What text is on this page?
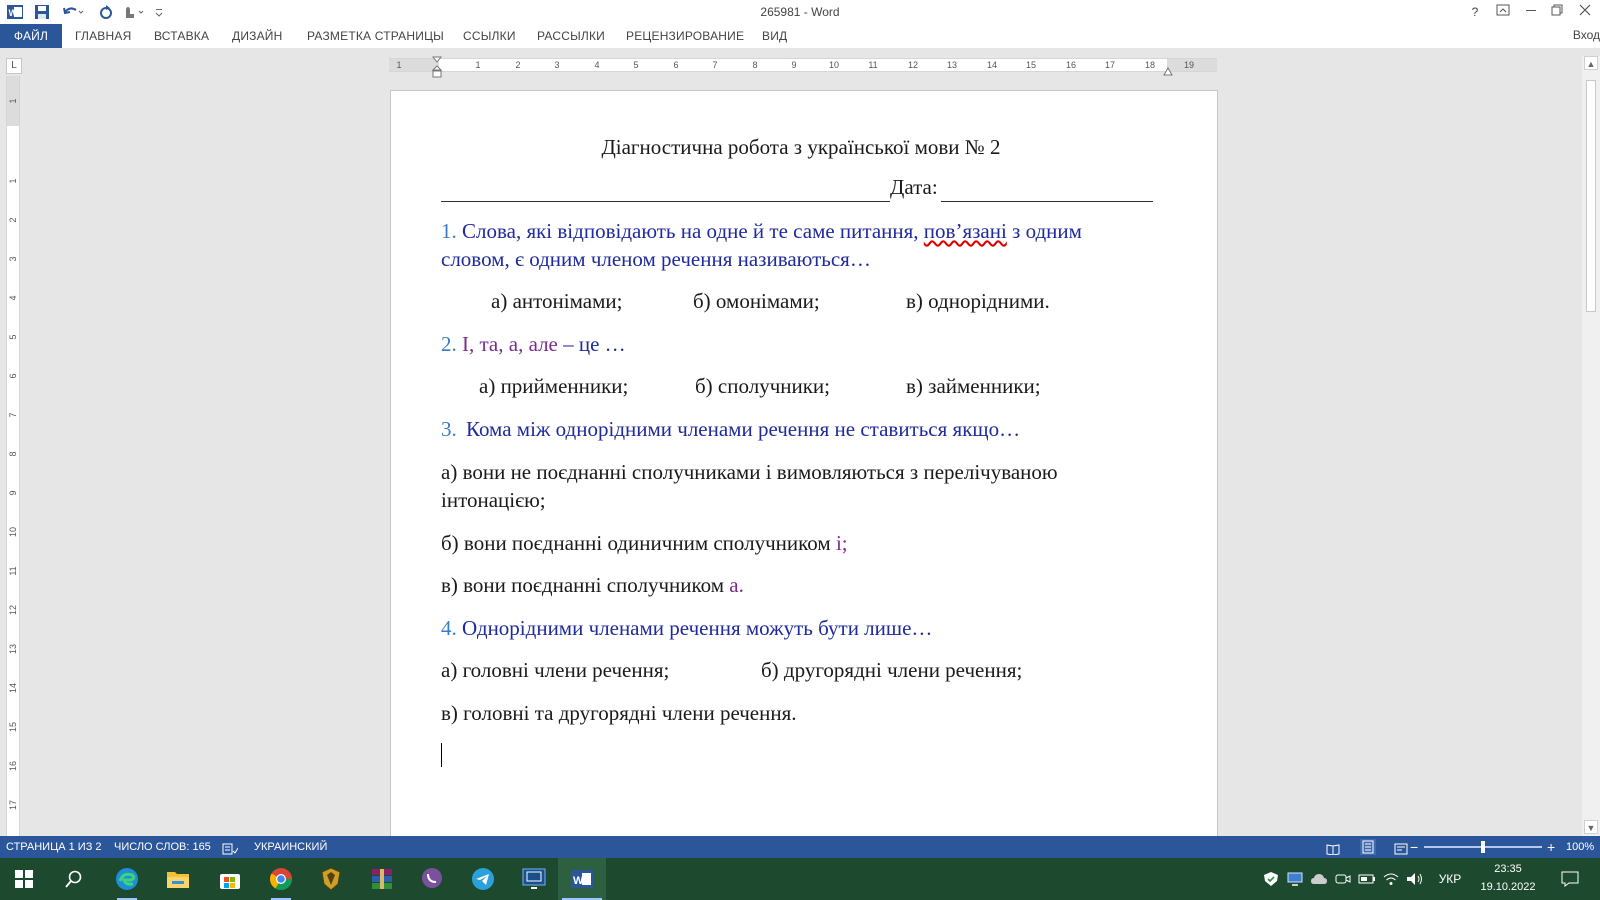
W	265981 - Word	?
ФАЙЛ	ГЛАВНАЯ ВСТАВКА ДИЗАЙН РАЗМЕТКА СТРАНИЦЫ ССЫЛКИ РАССЫЛКИ РЕЦЕНЗИРОВАНИЕ ВИД	Вход
L	1	1	2	3	4	5	6	7	8	9	10	11	12	13	14	15	16	17	18	19
1
1
2
3
4
5
6
7
8
9
10
11
12
13
14
15
16
17
▲
▼
Діагностична робота з української мови № 2
Дата:
1. Слова, які відповідають на одне й те саме питання, пов’язані з одним
словом, є одним членом речення називаються…
а) антонімами;	б) омонімами;	в) однорідними.
2. І, та, а, але – це …
а) прийменники;	б) сполучники;	в) займенники;
3. Кома між однорідними членами речення не ставиться якщо…
а) вони не поєднанні сполучниками і вимовляються з перелічуваною
інтонацією;
б) вони поєднанні одиничним сполучником і;
в) вони поєднанні сполучником а.
4. Однорідними членами речення можуть бути лише…
а) головні члени речення;	б) другорядні члени речення;
в) головні та другорядні члени речення.
СТРАНИЦА 1 ИЗ 2 ЧИСЛО СЛОВ: 165	УКРАИНСКИЙ	−	+ 100%
W	УКР
23:35
19.10.2022
